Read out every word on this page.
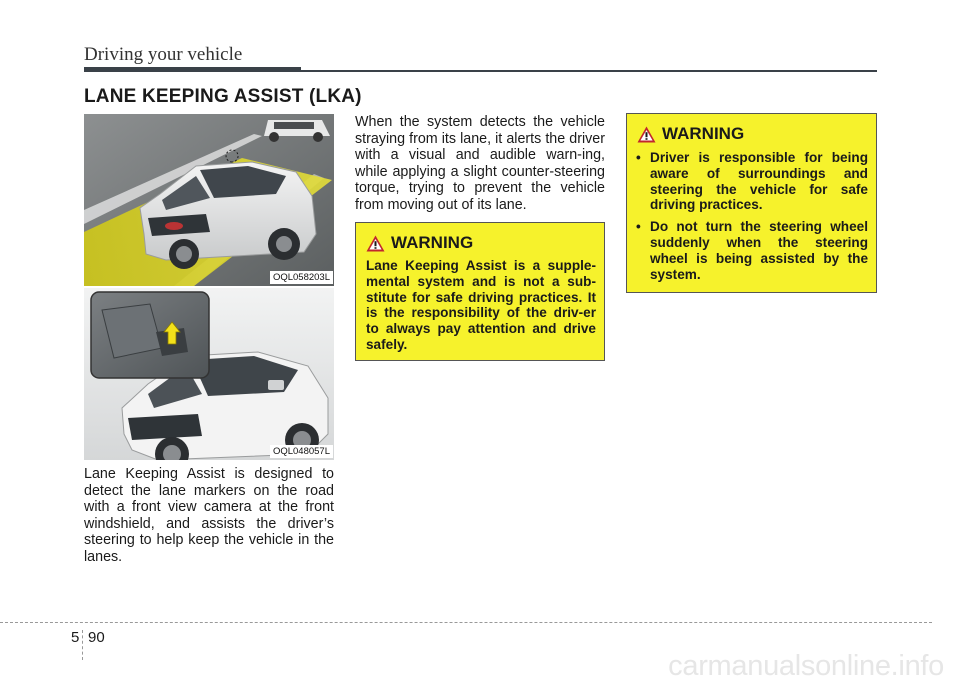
Driving your vehicle
LANE KEEPING ASSIST (LKA)
OQL058203L
OQL048057L
Lane Keeping Assist is designed to detect the lane markers on the road with a front view camera at the front windshield, and assists the driver’s steering to help keep the vehicle in the lanes.
When the system detects the vehicle straying from its lane, it alerts the driver with a visual and audible warn-ing, while applying a slight counter-steering torque, trying to prevent the vehicle from moving out of its lane.
WARNING
Lane Keeping Assist is a supple-mental system and is not a sub-stitute for safe driving practices. It is the responsibility of the driv-er to always pay attention and drive safely.
WARNING
• Driver is responsible for being aware of surroundings and steering the vehicle for safe driving practices.
• Do not turn the steering wheel suddenly when the steering wheel is being assisted by the system.
5 90
carmanualsonline.info
